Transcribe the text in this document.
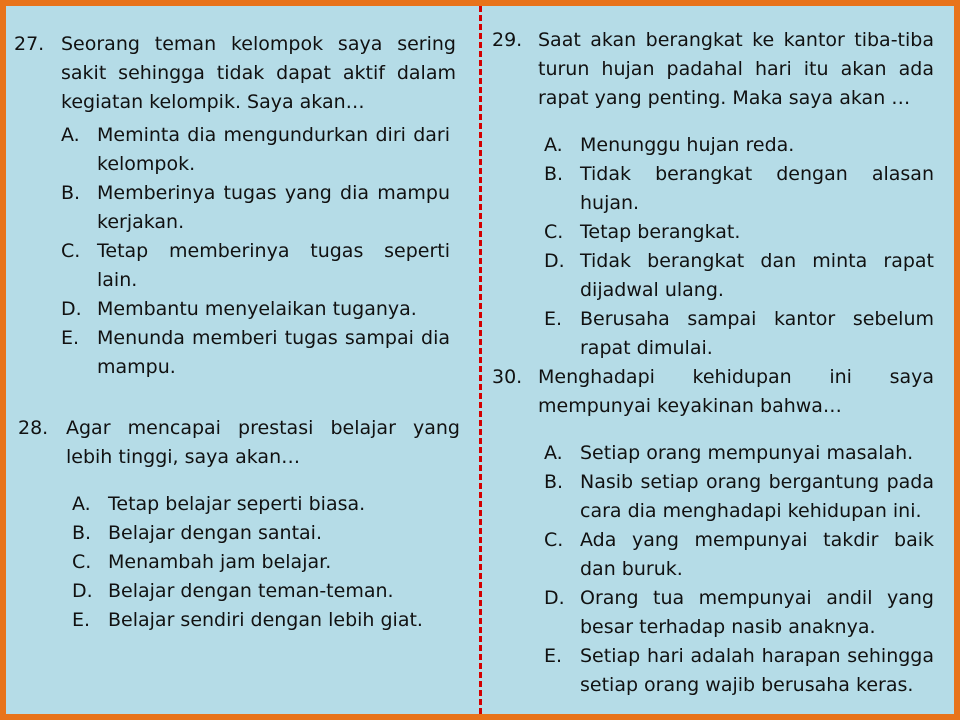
27. Seorang teman kelompok saya sering sakit sehingga tidak dapat aktif dalam kegiatan kelompik. Saya akan…
A. Meminta dia mengundurkan diri dari kelompok.
B. Memberinya tugas yang dia mampu kerjakan.
C. Tetap memberinya tugas seperti lain.
D. Membantu menyelaikan tuganya.
E. Menunda memberi tugas sampai dia mampu.
28. Agar mencapai prestasi belajar yang lebih tinggi, saya akan…
A. Tetap belajar seperti biasa.
B. Belajar dengan santai.
C. Menambah jam belajar.
D. Belajar dengan teman-teman.
E. Belajar sendiri dengan lebih giat.
29. Saat akan berangkat ke kantor tiba-tiba turun hujan padahal hari itu akan ada rapat yang penting. Maka saya akan …
A. Menunggu hujan reda.
B. Tidak berangkat dengan alasan hujan.
C. Tetap berangkat.
D. Tidak berangkat dan minta rapat dijadwal ulang.
E. Berusaha sampai kantor sebelum rapat dimulai.
30. Menghadapi kehidupan ini saya mempunyai keyakinan bahwa…
A. Setiap orang mempunyai masalah.
B. Nasib setiap orang bergantung pada cara dia menghadapi kehidupan ini.
C. Ada yang mempunyai takdir baik dan buruk.
D. Orang tua mempunyai andil yang besar terhadap nasib anaknya.
E. Setiap hari adalah harapan sehingga setiap orang wajib berusaha keras.
